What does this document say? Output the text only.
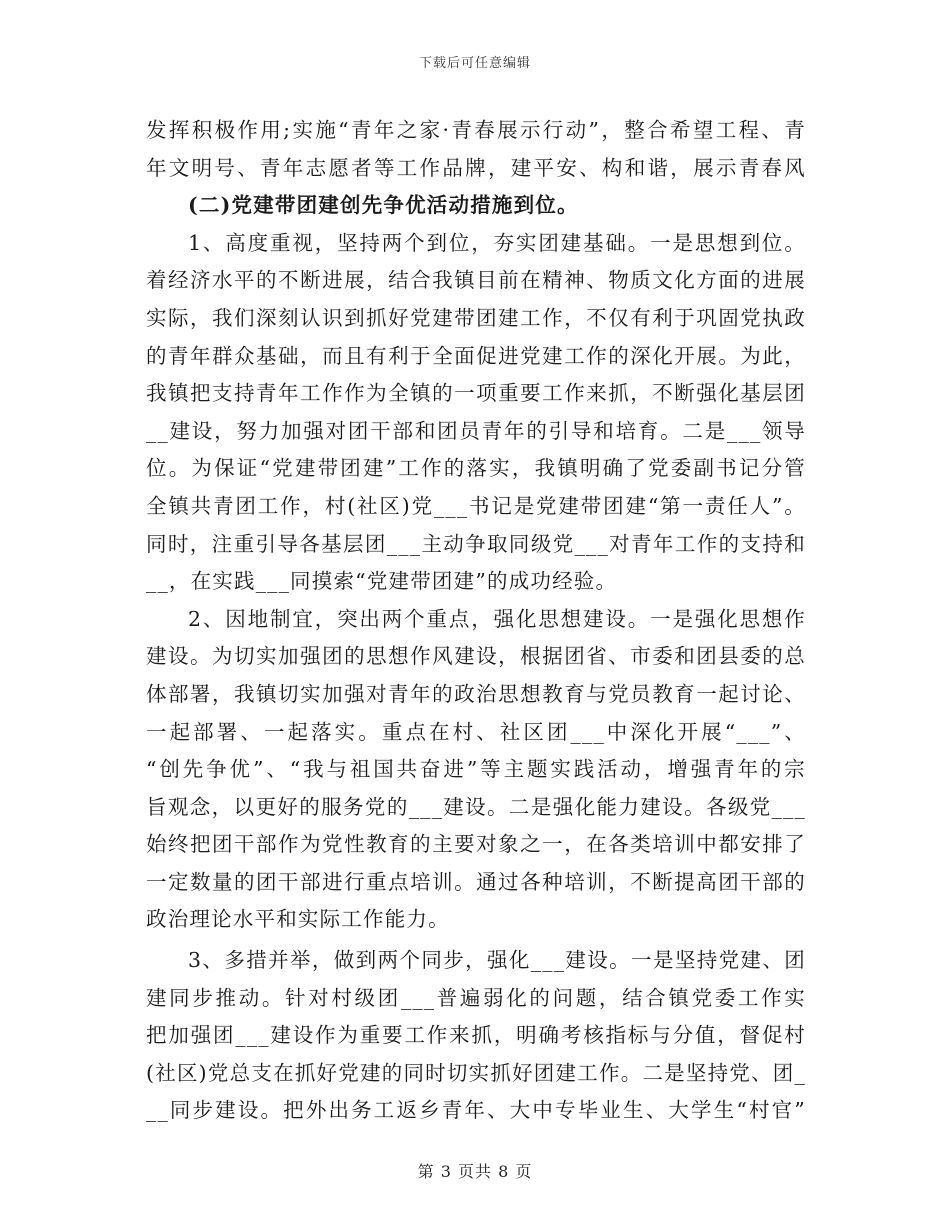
下载后可任意编辑
发挥积极作用;实施“青年之家·青春展示行动”，整合希望工程、青
年文明号、青年志愿者等工作品牌，建平安、构和谐，展示青春风
(二)党建带团建创先争优活动措施到位。
1、高度重视，坚持两个到位，夯实团建基础。一是思想到位。
着经济水平的不断进展，结合我镇目前在精神、物质文化方面的进展
实际，我们深刻认识到抓好党建带团建工作，不仅有利于巩固党执政
的青年群众基础，而且有利于全面促进党建工作的深化开展。为此，
我镇把支持青年工作作为全镇的一项重要工作来抓，不断强化基层团
__建设，努力加强对团干部和团员青年的引导和培育。二是___领导
位。为保证“党建带团建”工作的落实，我镇明确了党委副书记分管
全镇共青团工作，村(社区)党___书记是党建带团建“第一责任人”。
同时，注重引导各基层团___主动争取同级党___对青年工作的支持和
__，在实践___同摸索“党建带团建”的成功经验。
2、因地制宜，突出两个重点，强化思想建设。一是强化思想作
建设。为切实加强团的思想作风建设，根据团省、市委和团县委的总
体部署，我镇切实加强对青年的政治思想教育与党员教育一起讨论、
一起部署、一起落实。重点在村、社区团___中深化开展“___”、
“创先争优”、“我与祖国共奋进”等主题实践活动，增强青年的宗
旨观念，以更好的服务党的___建设。二是强化能力建设。各级党___
始终把团干部作为党性教育的主要对象之一，在各类培训中都安排了
一定数量的团干部进行重点培训。通过各种培训，不断提高团干部的
政治理论水平和实际工作能力。
3、多措并举，做到两个同步，强化___建设。一是坚持党建、团
建同步推动。针对村级团___普遍弱化的问题，结合镇党委工作实
把加强团___建设作为重要工作来抓，明确考核指标与分值，督促村
(社区)党总支在抓好党建的同时切实抓好团建工作。二是坚持党、团_
__同步建设。把外出务工返乡青年、大中专毕业生、大学生“村官”
第 3 页共 8 页
